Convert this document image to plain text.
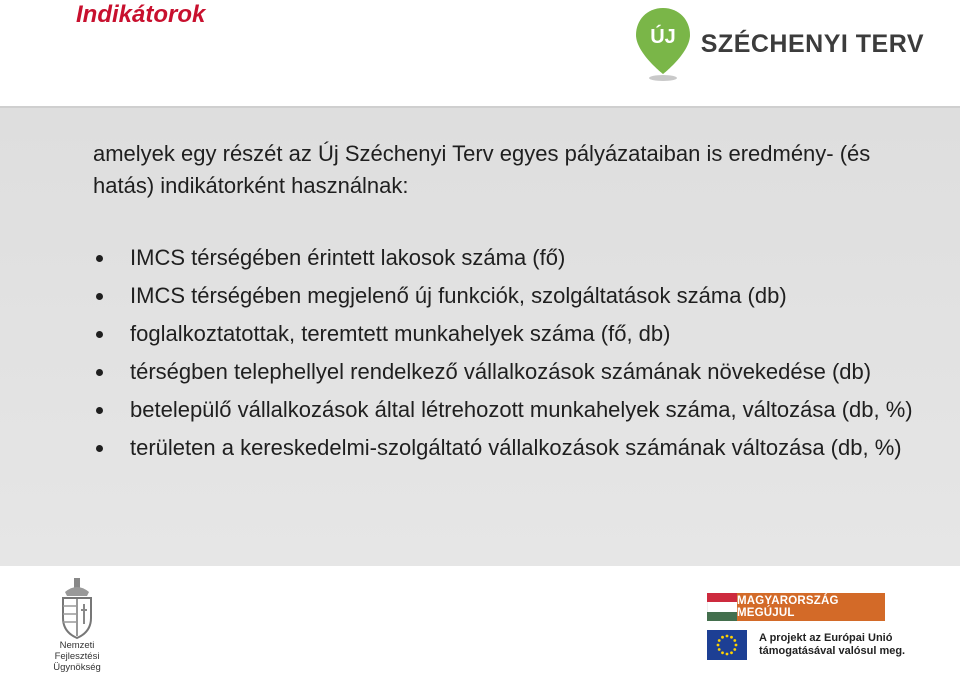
Indikátorok
ÚJ SZÉCHENYI TERV
amelyek egy részét az Új Széchenyi Terv egyes pályázataiban is eredmény- (és hatás) indikátorként használnak:
IMCS térségében érintett lakosok száma (fő)
IMCS térségében megjelenő új funkciók, szolgáltatások száma (db)
foglalkoztatottak, teremtett munkahelyek száma (fő, db)
térségben telephellyel rendelkező vállalkozások számának növekedése (db)
betelepülő vállalkozások által létrehozott munkahelyek száma, változása (db, %)
területen a kereskedelmi-szolgáltató vállalkozások számának változása (db, %)
Nemzeti
Fejlesztési Ügynökség
MAGYARORSZÁG MEGÚJUL
A projekt az Európai Unió
támogatásával valósul meg.
